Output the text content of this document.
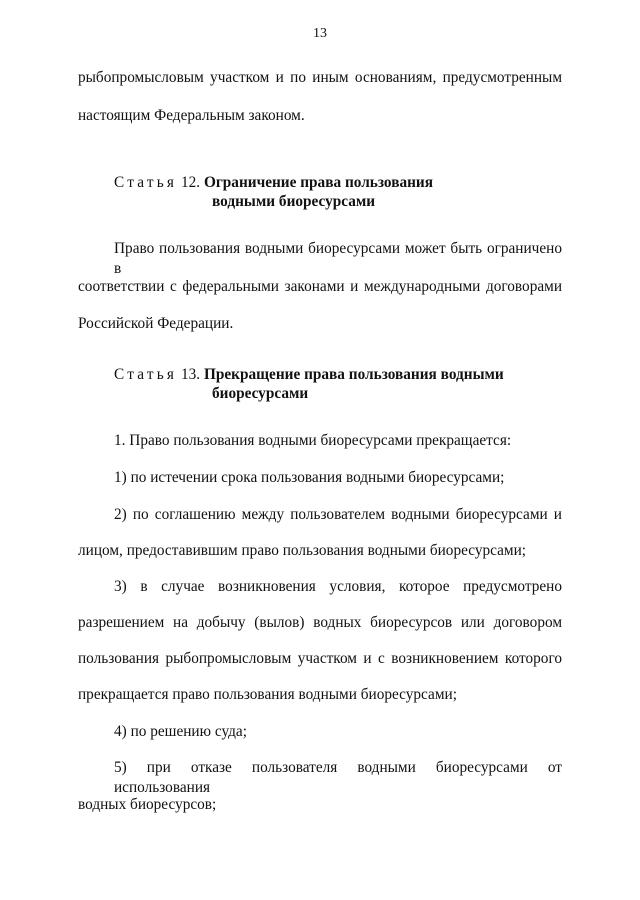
13
рыбопромысловым участком и по иным основаниям, предусмотренным
настоящим Федеральным законом.
Статья 12. Ограничение права пользования
водными биоресурсами
Право пользования водными биоресурсами может быть ограничено в
соответствии с федеральными законами и международными договорами
Российской Федерации.
Статья 13. Прекращение права пользования водными
биоресурсами
1. Право пользования водными биоресурсами прекращается:
1) по истечении срока пользования водными биоресурсами;
2) по соглашению между пользователем водными биоресурсами и
лицом, предоставившим право пользования водными биоресурсами;
3) в случае возникновения условия, которое предусмотрено
разрешением на добычу (вылов) водных биоресурсов или договором
пользования рыбопромысловым участком и с возникновением которого
прекращается право пользования водными биоресурсами;
4) по решению суда;
5) при отказе пользователя водными биоресурсами от использования
водных биоресурсов;
